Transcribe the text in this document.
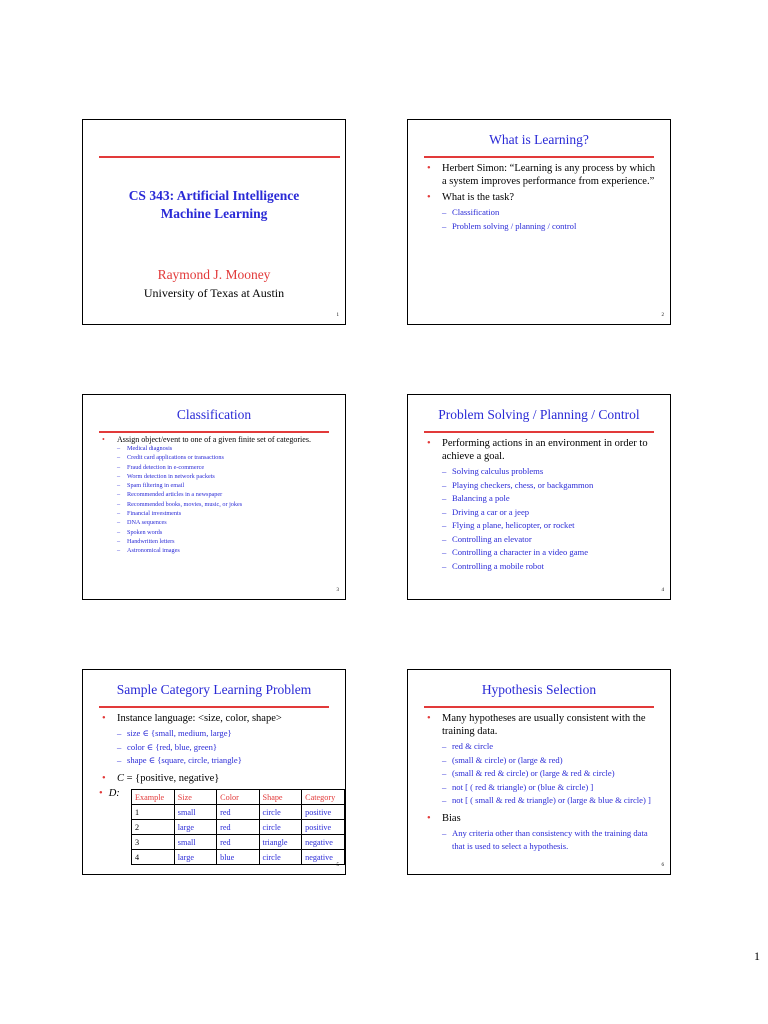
CS 343: Artificial Intelligence
Machine Learning
Raymond J. Mooney
University of Texas at Austin
1
What is Learning?
• Herbert Simon: “Learning is any process by which a system improves performance from experience.”
• What is the task?
– Classification
– Problem solving / planning / control
2
Classification
• Assign object/event to one of a given finite set of categories.
– Medical diagnosis
– Credit card applications or transactions
– Fraud detection in e-commerce
– Worm detection in network packets
– Spam filtering in email
– Recommended articles in a newspaper
– Recommended books, movies, music, or jokes
– Financial investments
– DNA sequences
– Spoken words
– Handwritten letters
– Astronomical images
3
Problem Solving / Planning / Control
• Performing actions in an environment in order to achieve a goal.
– Solving calculus problems
– Playing checkers, chess, or backgammon
– Balancing a pole
– Driving a car or a jeep
– Flying a plane, helicopter, or rocket
– Controlling an elevator
– Controlling a character in a video game
– Controlling a mobile robot
4
Sample Category Learning Problem
• Instance language: <size, color, shape>
– size ∈ {small, medium, large}
– color ∈ {red, blue, green}
– shape ∈ {square, circle, triangle}
• C = {positive, negative}
• D: Example	Size	Color	Shape	Category
1	small	red	circle	positive
2	large	red	circle	positive
3	small	red	triangle	negative
4	large	blue	circle	negative
5
Hypothesis Selection
• Many hypotheses are usually consistent with the training data.
– red & circle
– (small & circle) or (large & red)
– (small & red & circle) or (large & red & circle)
– not [ ( red & triangle) or (blue & circle) ]
– not [ ( small & red & triangle) or (large & blue & circle) ]
• Bias
– Any criteria other than consistency with the training data that is used to select a hypothesis.
6
1
